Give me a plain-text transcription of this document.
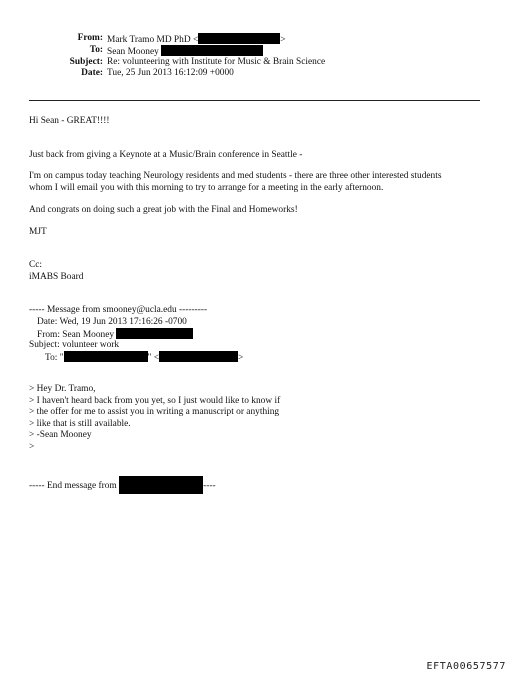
From: Mark Tramo MD PhD <	>
To: Sean Mooney
Subject: Re: volunteering with Institute for Music & Brain Science
Date: Tue, 25 Jun 2013 16:12:09 +0000
Hi Sean - GREAT!!!!
Just back from giving a Keynote at a Music/Brain conference in Seattle -
I'm on campus today teaching Neurology residents and med students - there are three other interested students
whom I will email you with this morning to try to arrange for a meeting in the early afternoon.
And congrats on doing such a great job with the Final and Homeworks!
MJT
Cc:
iMABS Board
----- Message from smooney@ucla.edu ---------
Date: Wed, 19 Jun 2013 17:16:26 -0700
From: Sean Mooney
Subject: volunteer work
To: "	" <	>
> Hey Dr. Tramo,
> I haven't heard back from you yet, so I just would like to know if
> the offer for me to assist you in writing a manuscript or anything
> like that is still available.
> -Sean Mooney
>
----- End message from	----
EFTA00657577
